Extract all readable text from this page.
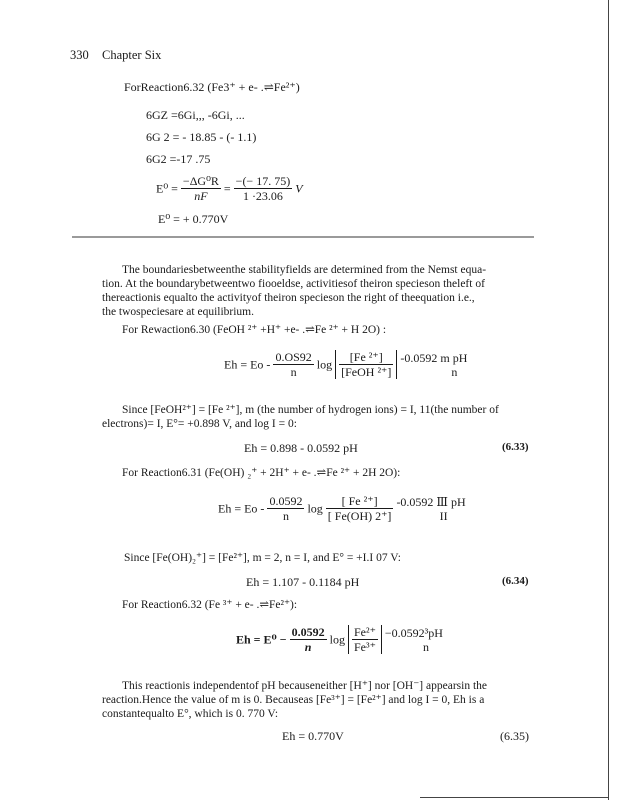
330 Chapter Six
ForReaction6.32 (Fe3⁺ + e- .⇌Fe²⁺)
6GZ =6Gi,,, -6Gi, ...
6G 2 = - 18.85 - (- 1.1)
6G2 =-17 .75
$E^0 = \frac{\text{−ΔG⁰R}}{nF} = \frac{-(- 17. 75)}{1 \cdot 23.06}$ V
E⁰ = + 0.770V
The boundariesbetweenthe stabilityfields are determined from the Nemst equa-
tion. At the boundarybetweentwo fiooeldse, activitiesof theiron specieson theleft of
thereactionis equalto the activityof theiron specieson the right of theequation i.e.,
the twospeciesare at equilibrium.
For Rewaction6.30 (FeOH ²⁺ +H⁺ +e- .⇌Fe ²⁺ + H 2O) :
$Eh = Eo - \frac{0.OS92}{n}$ $\log \frac{\text{[Fe ²⁺]}}{\text{[FeOH ²⁺]}}$
-0.0592 m pH
n
Since [FeOH²⁺] = [Fe ²⁺], m (the number of hydrogen ions) = I, 11(the number of
electrons)= I, E°= +0.898 V, and log I = 0:
Eh = 0.898 - 0.0592 pH	(6.33)
For Reaction6.31 (Fe(OH) ₂⁺ + 2H⁺ + e- .⇌Fe ²⁺ + 2H 2O):
$Eh = Eo - \frac{0.0592}{n}$ $\log \frac{\text{[ Fe ²⁺]}}{[ Fe(OH) 2^+]}$
-0.0592 Ⅲ pH
II
Since [Fe(OH)₂⁺] = [Fe²⁺], m = 2, n = I, and E° = +I.I 07 V:
Eh = 1.107 - 0.1184 pH	(6.34)
For Reaction6.32 (Fe ³⁺ + e- .⇌Fe²⁺):
$Eh = E^0 - \frac{0.0592}{n}$ $\log \frac{\text{Fe²⁺}}{\text{Fe³⁺}}$
−0.0592³pH
n
This reactionis independentof pH becauseneither [H⁺] nor [OH⁻] appearsin the
reaction.Hence the value of m is 0. Becauseas [Fe³⁺] = [Fe²⁺] and log I = 0, Eh is a
constantequalto E°, which is 0. 770 V:
Eh = 0.770V	(6.35)
